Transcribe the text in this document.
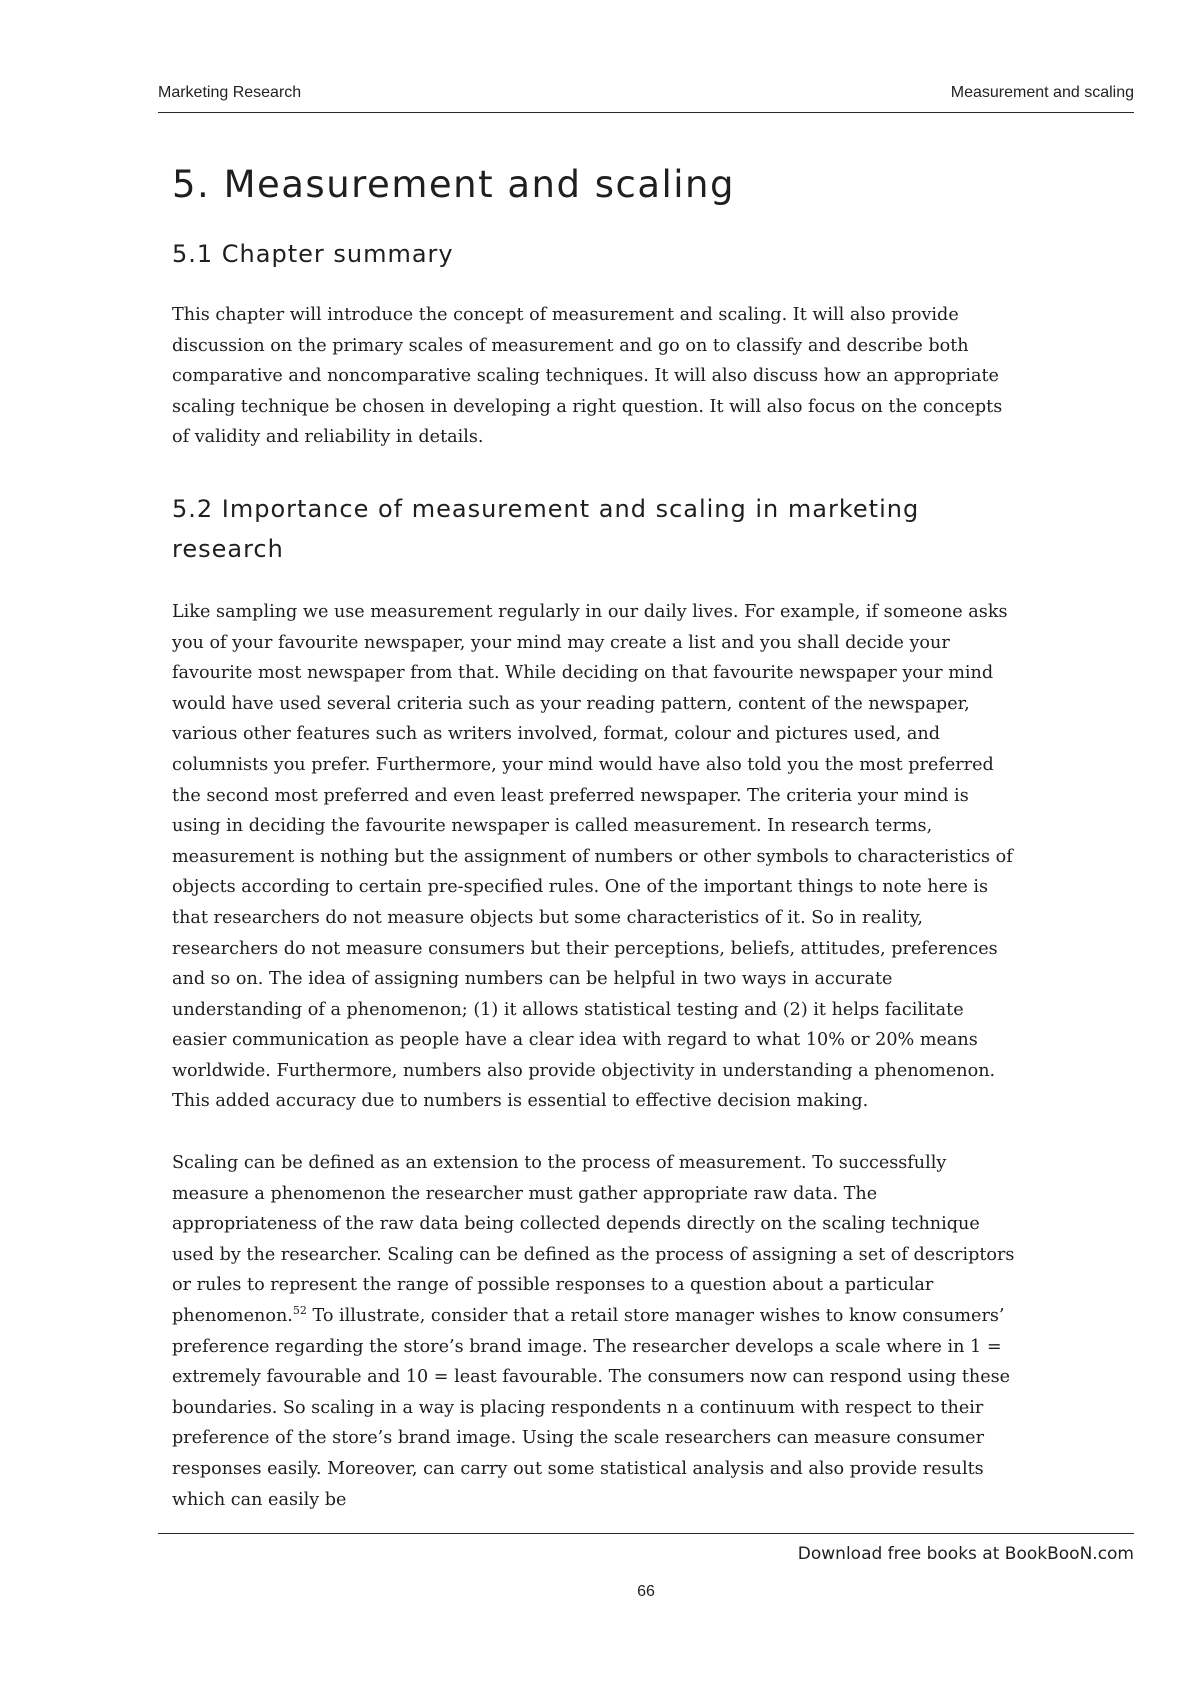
Marketing Research	Measurement and scaling
5. Measurement and scaling
5.1 Chapter summary

This chapter will introduce the concept of measurement and scaling. It will also provide discussion on the primary scales of measurement and go on to classify and describe both comparative and noncomparative scaling techniques. It will also discuss how an appropriate scaling technique be chosen in developing a right question. It will also focus on the concepts of validity and reliability in details.

5.2 Importance of measurement and scaling in marketing research

Like sampling we use measurement regularly in our daily lives. For example, if someone asks you of your favourite newspaper, your mind may create a list and you shall decide your favourite most newspaper from that. While deciding on that favourite newspaper your mind would have used several criteria such as your reading pattern, content of the newspaper, various other features such as writers involved, format, colour and pictures used, and columnists you prefer. Furthermore, your mind would have also told you the most preferred the second most preferred and even least preferred newspaper. The criteria your mind is using in deciding the favourite newspaper is called measurement. In research terms, measurement is nothing but the assignment of numbers or other symbols to characteristics of objects according to certain pre-specified rules. One of the important things to note here is that researchers do not measure objects but some characteristics of it. So in reality, researchers do not measure consumers but their perceptions, beliefs, attitudes, preferences and so on. The idea of assigning numbers can be helpful in two ways in accurate understanding of a phenomenon; (1) it allows statistical testing and (2) it helps facilitate easier communication as people have a clear idea with regard to what 10% or 20% means worldwide. Furthermore, numbers also provide objectivity in understanding a phenomenon. This added accuracy due to numbers is essential to effective decision making.

Scaling can be defined as an extension to the process of measurement. To successfully measure a phenomenon the researcher must gather appropriate raw data. The appropriateness of the raw data being collected depends directly on the scaling technique used by the researcher. Scaling can be defined as the process of assigning a set of descriptors or rules to represent the range of possible responses to a question about a particular phenomenon.$^{52}$ To illustrate, consider that a retail store manager wishes to know consumers’ preference regarding the store’s brand image. The researcher develops a scale where in 1 = extremely favourable and 10 = least favourable. The consumers now can respond using these boundaries. So scaling in a way is placing respondents n a continuum with respect to their preference of the store’s brand image. Using the scale researchers can measure consumer responses easily. Moreover, can carry out some statistical analysis and also provide results which can easily be

Download free books at BookBooN.com
66
